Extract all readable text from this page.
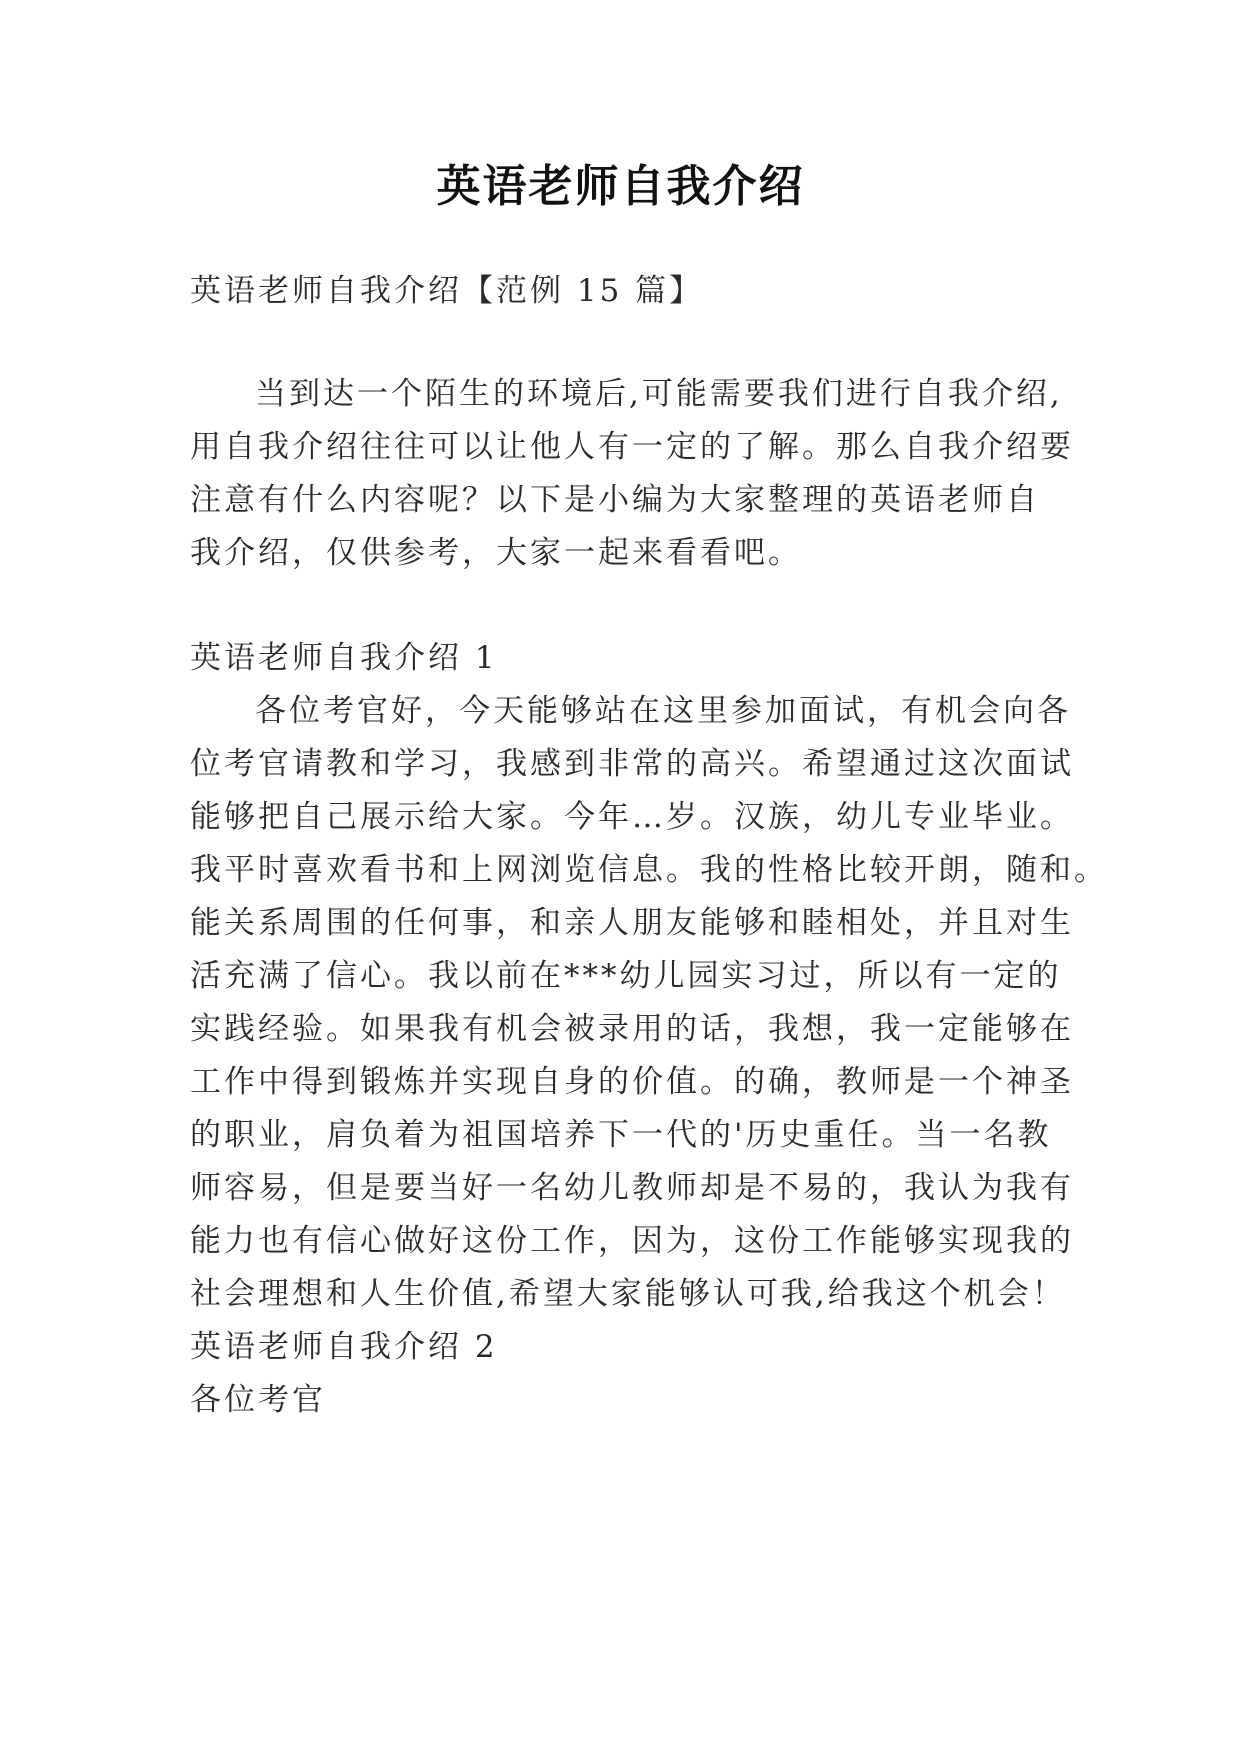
英语老师自我介绍
英语老师自我介绍【范例 15 篇】
当到达一个陌生的环境后,可能需要我们进行自我介绍,
用自我介绍往往可以让他人有一定的了解。那么自我介绍要
注意有什么内容呢？以下是小编为大家整理的英语老师自
我介绍，仅供参考，大家一起来看看吧。
英语老师自我介绍 1
各位考官好，今天能够站在这里参加面试，有机会向各
位考官请教和学习，我感到非常的高兴。希望通过这次面试
能够把自己展示给大家。今年…岁。汉族，幼儿专业毕业。
我平时喜欢看书和上网浏览信息。我的性格比较开朗，随和。
能关系周围的任何事，和亲人朋友能够和睦相处，并且对生
活充满了信心。我以前在***幼儿园实习过，所以有一定的
实践经验。如果我有机会被录用的话，我想，我一定能够在
工作中得到锻炼并实现自身的价值。的确，教师是一个神圣
的职业，肩负着为祖国培养下一代的'历史重任。当一名教
师容易，但是要当好一名幼儿教师却是不易的，我认为我有
能力也有信心做好这份工作，因为，这份工作能够实现我的
社会理想和人生价值,希望大家能够认可我,给我这个机会！
英语老师自我介绍 2
各位考官
